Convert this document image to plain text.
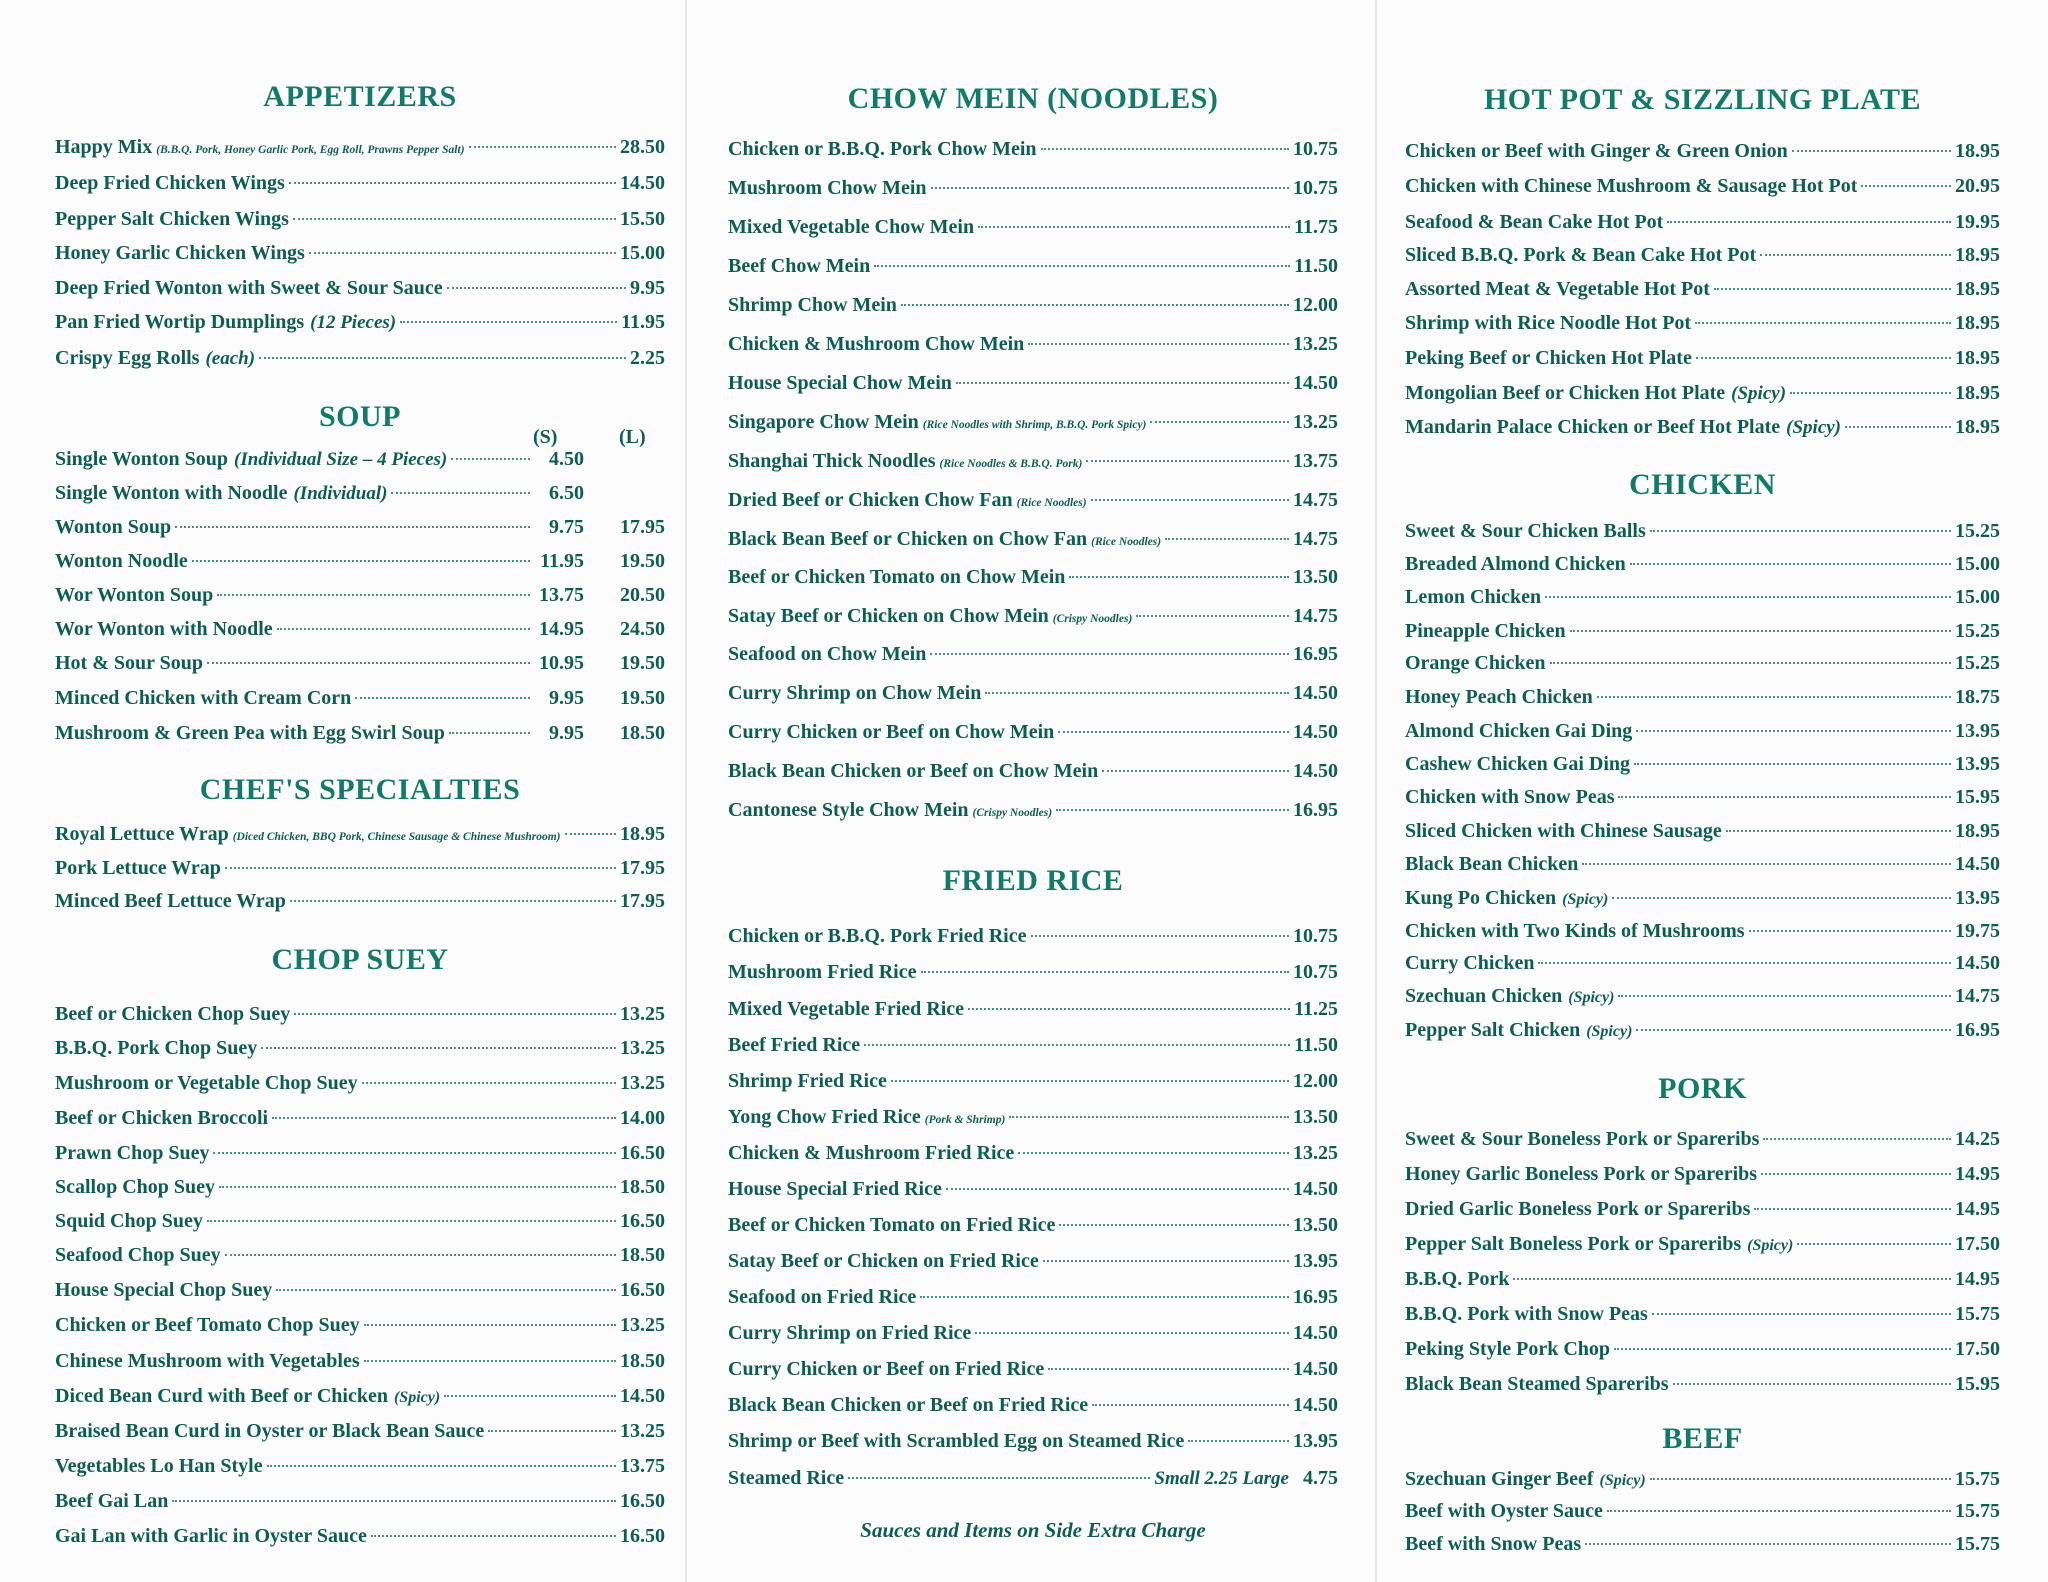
APPETIZERS
Happy Mix (B.B.Q. Pork, Honey Garlic Pork, Egg Roll, Prawns Pepper Salt)	28.50
Deep Fried Chicken Wings	14.50
Pepper Salt Chicken Wings	15.50
Honey Garlic Chicken Wings	15.00
Deep Fried Wonton with Sweet & Sour Sauce	9.95
Pan Fried Wortip Dumplings (12 Pieces)	11.95
Crispy Egg Rolls (each)	2.25
SOUP
(S)	(L)
Single Wonton Soup (Individual Size – 4 Pieces)	4.50
Single Wonton with Noodle (Individual)	6.50
Wonton Soup	9.75	17.95
Wonton Noodle	11.95	19.50
Wor Wonton Soup	13.75	20.50
Wor Wonton with Noodle	14.95	24.50
Hot & Sour Soup	10.95	19.50
Minced Chicken with Cream Corn	9.95	19.50
Mushroom & Green Pea with Egg Swirl Soup	9.95	18.50
CHEF'S SPECIALTIES
Royal Lettuce Wrap (Diced Chicken, BBQ Pork, Chinese Sausage & Chinese Mushroom)	18.95
Pork Lettuce Wrap	17.95
Minced Beef Lettuce Wrap	17.95
CHOP SUEY
Beef or Chicken Chop Suey	13.25
B.B.Q. Pork Chop Suey	13.25
Mushroom or Vegetable Chop Suey	13.25
Beef or Chicken Broccoli	14.00
Prawn Chop Suey	16.50
Scallop Chop Suey	18.50
Squid Chop Suey	16.50
Seafood Chop Suey	18.50
House Special Chop Suey	16.50
Chicken or Beef Tomato Chop Suey	13.25
Chinese Mushroom with Vegetables	18.50
Diced Bean Curd with Beef or Chicken (Spicy)	14.50
Braised Bean Curd in Oyster or Black Bean Sauce	13.25
Vegetables Lo Han Style	13.75
Beef Gai Lan	16.50
Gai Lan with Garlic in Oyster Sauce	16.50
CHOW MEIN (NOODLES)
Chicken or B.B.Q. Pork Chow Mein	10.75
Mushroom Chow Mein	10.75
Mixed Vegetable Chow Mein	11.75
Beef Chow Mein	11.50
Shrimp Chow Mein	12.00
Chicken & Mushroom Chow Mein	13.25
House Special Chow Mein	14.50
Singapore Chow Mein (Rice Noodles with Shrimp, B.B.Q. Pork Spicy)	13.25
Shanghai Thick Noodles (Rice Noodles & B.B.Q. Pork)	13.75
Dried Beef or Chicken Chow Fan (Rice Noodles)	14.75
Black Bean Beef or Chicken on Chow Fan (Rice Noodles)	14.75
Beef or Chicken Tomato on Chow Mein	13.50
Satay Beef or Chicken on Chow Mein (Crispy Noodles)	14.75
Seafood on Chow Mein	16.95
Curry Shrimp on Chow Mein	14.50
Curry Chicken or Beef on Chow Mein	14.50
Black Bean Chicken or Beef on Chow Mein	14.50
Cantonese Style Chow Mein (Crispy Noodles)	16.95
FRIED RICE
Chicken or B.B.Q. Pork Fried Rice	10.75
Mushroom Fried Rice	10.75
Mixed Vegetable Fried Rice	11.25
Beef Fried Rice	11.50
Shrimp Fried Rice	12.00
Yong Chow Fried Rice (Pork & Shrimp)	13.50
Chicken & Mushroom Fried Rice	13.25
House Special Fried Rice	14.50
Beef or Chicken Tomato on Fried Rice	13.50
Satay Beef or Chicken on Fried Rice	13.95
Seafood on Fried Rice	16.95
Curry Shrimp on Fried Rice	14.50
Curry Chicken or Beef on Fried Rice	14.50
Black Bean Chicken or Beef on Fried Rice	14.50
Shrimp or Beef with Scrambled Egg on Steamed Rice	13.95
Steamed Rice	Small 2.25 Large 4.75
Sauces and Items on Side Extra Charge
HOT POT & SIZZLING PLATE
Chicken or Beef with Ginger & Green Onion	18.95
Chicken with Chinese Mushroom & Sausage Hot Pot	20.95
Seafood & Bean Cake Hot Pot	19.95
Sliced B.B.Q. Pork & Bean Cake Hot Pot	18.95
Assorted Meat & Vegetable Hot Pot	18.95
Shrimp with Rice Noodle Hot Pot	18.95
Peking Beef or Chicken Hot Plate	18.95
Mongolian Beef or Chicken Hot Plate (Spicy)	18.95
Mandarin Palace Chicken or Beef Hot Plate (Spicy)	18.95
CHICKEN
Sweet & Sour Chicken Balls	15.25
Breaded Almond Chicken	15.00
Lemon Chicken	15.00
Pineapple Chicken	15.25
Orange Chicken	15.25
Honey Peach Chicken	18.75
Almond Chicken Gai Ding	13.95
Cashew Chicken Gai Ding	13.95
Chicken with Snow Peas	15.95
Sliced Chicken with Chinese Sausage	18.95
Black Bean Chicken	14.50
Kung Po Chicken (Spicy)	13.95
Chicken with Two Kinds of Mushrooms	19.75
Curry Chicken	14.50
Szechuan Chicken (Spicy)	14.75
Pepper Salt Chicken (Spicy)	16.95
PORK
Sweet & Sour Boneless Pork or Spareribs	14.25
Honey Garlic Boneless Pork or Spareribs	14.95
Dried Garlic Boneless Pork or Spareribs	14.95
Pepper Salt Boneless Pork or Spareribs (Spicy)	17.50
B.B.Q. Pork	14.95
B.B.Q. Pork with Snow Peas	15.75
Peking Style Pork Chop	17.50
Black Bean Steamed Spareribs	15.95
BEEF
Szechuan Ginger Beef (Spicy)	15.75
Beef with Oyster Sauce	15.75
Beef with Snow Peas	15.75
